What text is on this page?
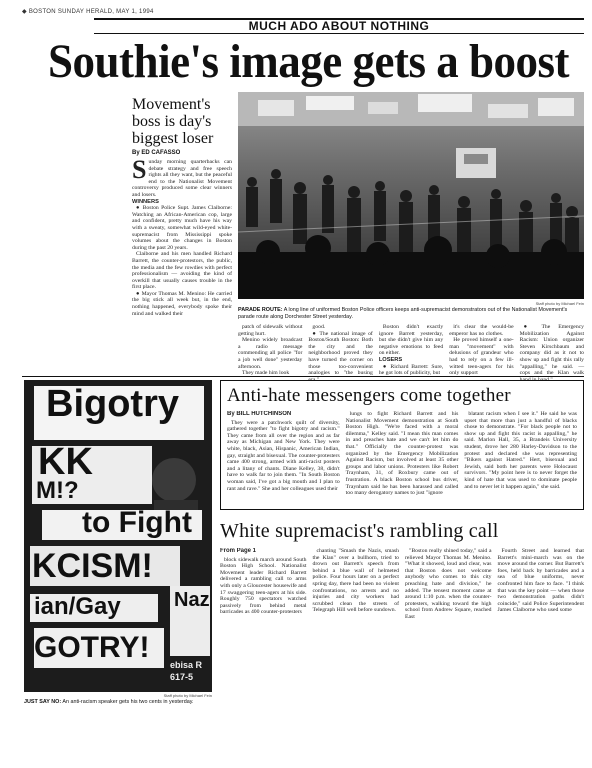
◆ BOSTON SUNDAY HERALD, MAY 1, 1994
MUCH ADO ABOUT NOTHING
Southie's image gets a boost
Movement's boss is day's biggest loser
By ED CAFASSO

S unday morning quarterbacks can debate strategy and free speech rights all they want, but the peaceful end to the Nationalist Movement controversy produced some clear winners and losers.

WINNERS

● Boston Police Supt. James Claiborne: Watching an African-American cop, large and confident, pretty much have his way with a sweaty, somewhat wild-eyed white-supremacist from Mississippi spoke volumes about the changes in Boston during the past 20 years.

Claiborne and his men handled Richard Barrett, the counter-protestors, the public, the media and the few rowdies with perfect professionalism — avoiding the kind of overkill that usually causes trouble in the first place.

● Mayor Thomas M. Menino: He carried the big stick all week but, in the end, nothing happened, everybody spoke their mind and walked their

Staff photo by Michael Fein
PARADE ROUTE: A long line of uniformed Boston Police officers keeps anti-supremacist demonstrators out of the Nationalist Movement's parade route along Dorchester Street yesterday.

patch of sidewalk without getting hurt.

Menino widely broadcast a radio message commending all police "for a job well done" yesterday afternoon.

They made him look

good.

● The national image of Boston/South Boston: Both the city and the neighborhood proved they have turned the corner on those too-convenient analogies to "the busing era."

Boston didn't exactly ignore Barrett yesterday, but she didn't give him any negative emotions to feed on either.

LOSERS

● Richard Barrett: Sure, he got lots of publicity, but

it's clear the would-be emperor has no clothes.

He proved himself a one-man "movement" with delusions of grandeur who had to rely on a few ill-witted teen-agers for his only support

● The Emergency Mobilization Against Racism: Union organizer Steven Kirschbaum and company did as it not to show up and fight this rally "appalling," he said. — cops and the Klan walk hand in hand."

Bigotry
KK
M!?
to Fight
KCISM!
Naz
ian/Gay
GOTRY!
ebisa R
617-5
Staff photo by Michael Fein
JUST SAY NO: An anti-racism speaker gets his two cents in yesterday.
Anti-hate messengers come together
By BILL HUTCHINSON

They were a patchwork quilt of diversity, gathered together "to fight bigotry and racism." They came from all over the region and as far away as Michigan and New York. They were white, black, Asian, Hispanic, American Indian, gay, straight and bisexual. The counter-protesters came 400 strong, armed with anti-racist posters and a litany of chants. Diane Kelley, 38, didn't have to walk far to join them. "In South Boston woman said, I've got a big mouth and I plan to rant and rave." She and her colleagues used their

lungs to fight Richard Barrett and his Nationalist Movement demonstration at South Boston High. "We're faced with a moral dilemma," Kelley said. "I mean this man comes in and preaches hate and we can't let him do that." Officially the counter-protest was organized by the Emergency Mobilization Against Racism, but involved at least 35 other groups and labor unions. Protesters like Robert Traynham, 31, of Roxbury came out of frustration. A black Boston school bus driver, Traynham said he has been harassed and called too many derogatory names to just "ignore

blatant racism when I see it." He said he was upset that more than just a handful of blacks chose to demonstrate. "For black people not to show up and fight this racist is appalling," he said. Marlon Hall, 35, a Brandeis University student, drove her 280 Harley-Davidson to the protest and declared she was representing "Bikers against Hatred." Hert, bisexual and Jewish, said both her parents were Holocaust survivors. "My point here is to never forget the kind of hate that was used to dominate people and to never let it happen again," she said.

White supremacist's rambling call
From Page 1

block sidewalk march around South Boston High School. Nationalist Movement leader Richard Barrett delivered a rambling call to arms with only a Gloucester housewife and 17 swaggering teen-agers at his side. Roughly 750 spectators watched passively from behind metal barricades as 400 counter-protesters

chanting "Smash the Nazis, smash the Klan" over a bullhorn, tried to drown out Barrett's speech from behind a blue wall of helmeted police. Four hours later on a perfect spring day, there had been no violent confrontations, no arrests and no injuries and city workers had scrubbed clean the streets of Telegraph Hill well before sundown.

"Boston really shined today," said a relieved Mayor Thomas M. Menino. "What it showed, loud and clear, was that Boston does not welcome anybody who comes to this city preaching hate and division," he added. The tensest moment came at around 1:10 p.m. when the counter-protesters, walking toward the high school from Andrew Square, reached East

Fourth Street and learned that Barrett's mini-march was on the move around the corner. But Barrett's foes, held back by barricades and a sea of blue uniforms, never confronted him face to face. "I think that was the key point — when those two demonstration paths didn't coincide," said Police Superintendent James Claiborne who used some
